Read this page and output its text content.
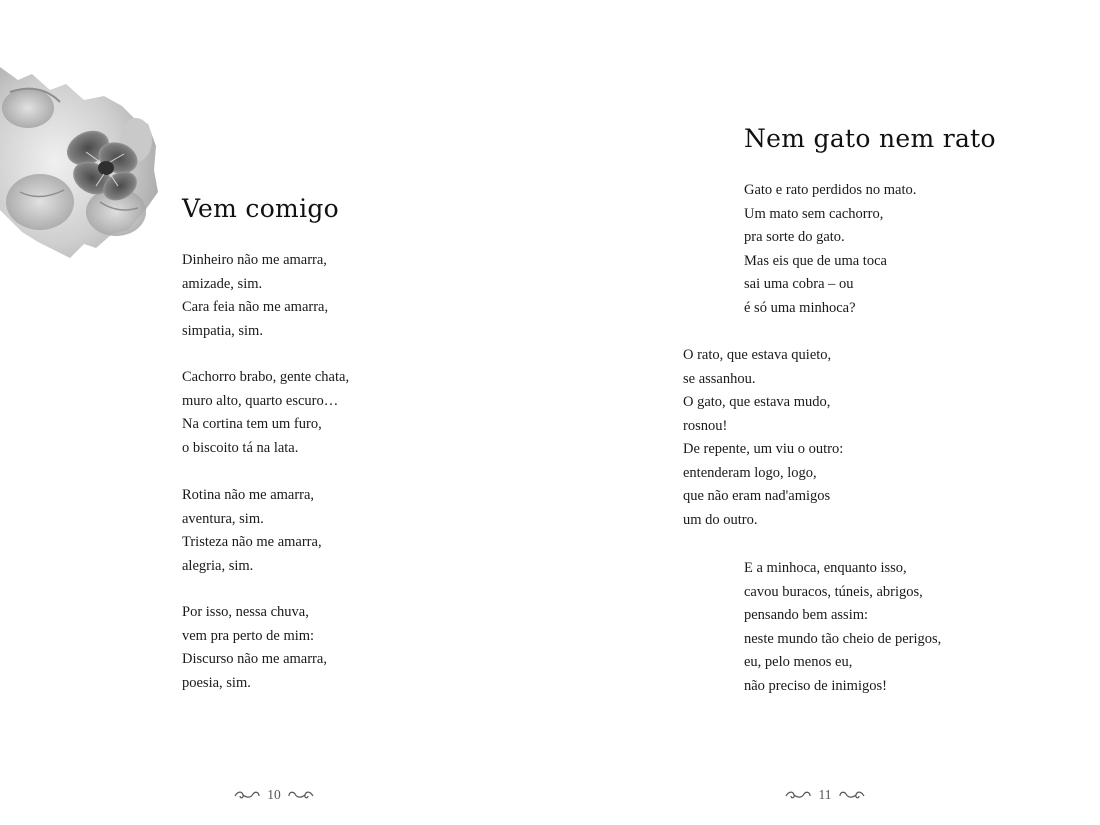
Vem comigo
Dinheiro não me amarra,
amizade, sim.
Cara feia não me amarra,
simpatia, sim.
Cachorro brabo, gente chata,
muro alto, quarto escuro…
Na cortina tem um furo,
o biscoito tá na lata.
Rotina não me amarra,
aventura, sim.
Tristeza não me amarra,
alegria, sim.
Por isso, nessa chuva,
vem pra perto de mim:
Discurso não me amarra,
poesia, sim.
10
Nem gato nem rato
Gato e rato perdidos no mato.
Um mato sem cachorro,
pra sorte do gato.
Mas eis que de uma toca
sai uma cobra – ou
é só uma minhoca?
O rato, que estava quieto,
se assanhou.
O gato, que estava mudo,
rosnou!
De repente, um viu o outro:
entenderam logo, logo,
que não eram nad'amigos
um do outro.
E a minhoca, enquanto isso,
cavou buracos, túneis, abrigos,
pensando bem assim:
neste mundo tão cheio de perigos,
eu, pelo menos eu,
não preciso de inimigos!
11
